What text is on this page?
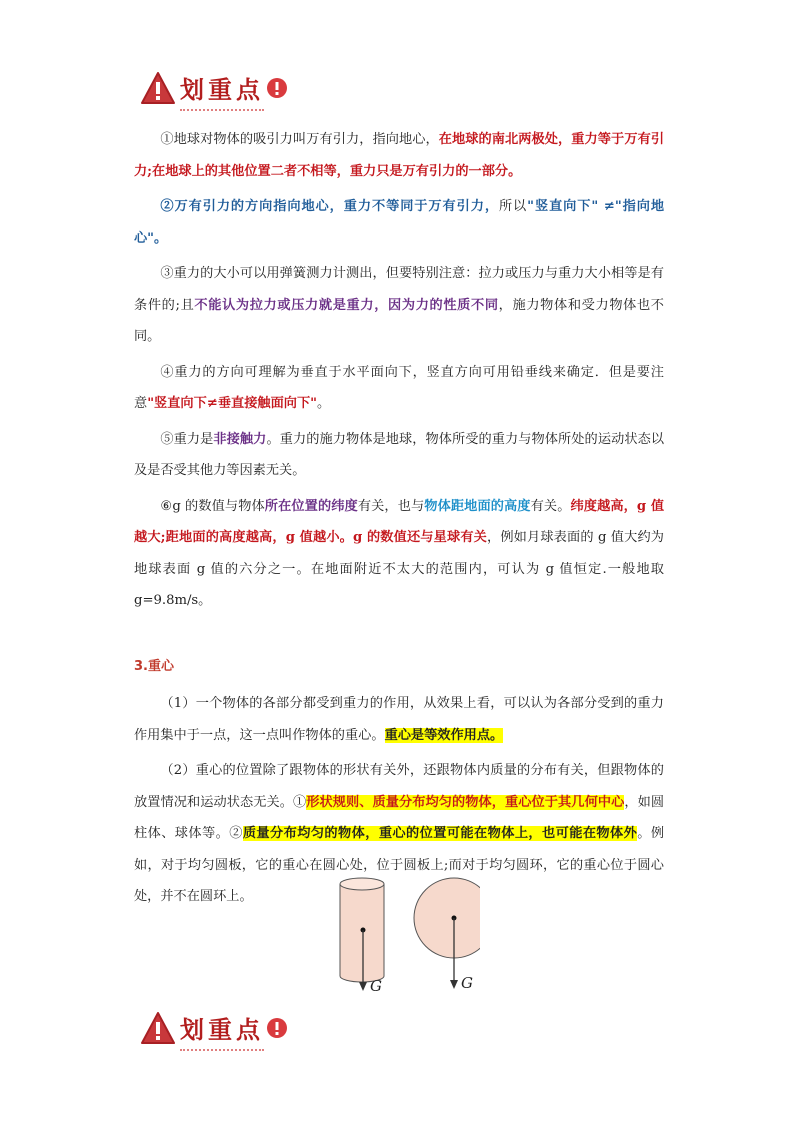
划重点

①地球对物体的吸引力叫万有引力，指向地心，在地球的南北两极处，重力等于万有引力;在地球上的其他位置二者不相等，重力只是万有引力的一部分。

②万有引力的方向指向地心，重力不等同于万有引力，所以"竖直向下" ≠"指向地心"。

③重力的大小可以用弹簧测力计测出，但要特别注意：拉力或压力与重力大小相等是有条件的;且不能认为拉力或压力就是重力，因为力的性质不同，施力物体和受力物体也不同。

④重力的方向可理解为垂直于水平面向下，竖直方向可用铅垂线来确定．但是要注意"竖直向下≠垂直接触面向下"。

⑤重力是非接触力。重力的施力物体是地球，物体所受的重力与物体所处的运动状态以及是否受其他力等因素无关。

⑥g 的数值与物体所在位置的纬度有关，也与物体距地面的高度有关。纬度越高，g 值越大;距地面的高度越高，g 值越小。g 的数值还与星球有关，例如月球表面的 g 值大约为地球表面 g 值的六分之一。在地面附近不太大的范围内，可认为 g 值恒定.一般地取 g=9.8m/s。

3.重心

（1）一个物体的各部分都受到重力的作用，从效果上看，可以认为各部分受到的重力作用集中于一点，这一点叫作物体的重心。重心是等效作用点。

（2）重心的位置除了跟物体的形状有关外，还跟物体内质量的分布有关，但跟物体的放置情况和运动状态无关。①形状规则、质量分布均匀的物体，重心位于其几何中心，如圆柱体、球体等。②质量分布均匀的物体，重心的位置可能在物体上，也可能在物体外。例如，对于均匀圆板，它的重心在圆心处，位于圆板上;而对于均匀圆环，它的重心位于圆心处，并不在圆环上。

G	G
划重点
